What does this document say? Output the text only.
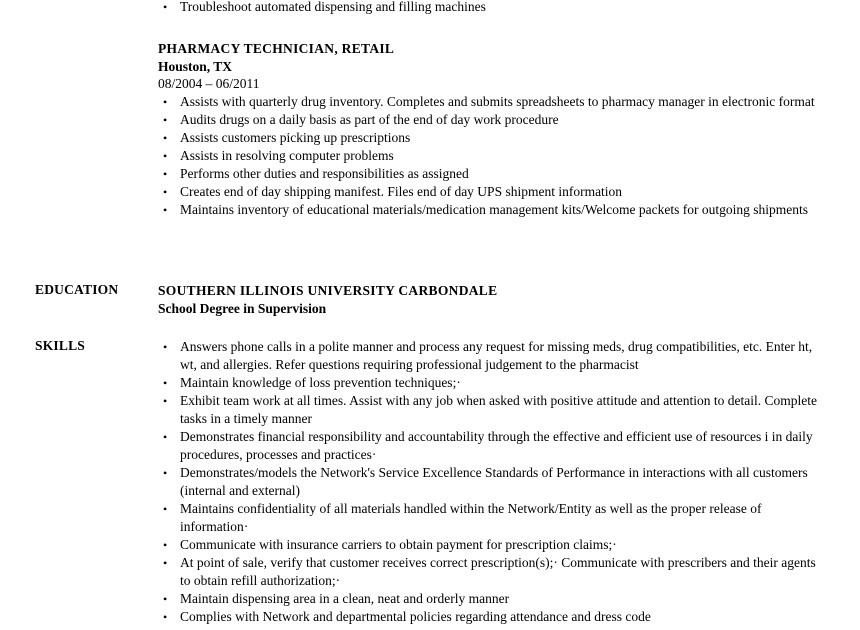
• Troubleshoot automated dispensing and filling machines
PHARMACY TECHNICIAN, RETAIL
Houston, TX
08/2004 – 06/2011
• Assists with quarterly drug inventory. Completes and submits spreadsheets to pharmacy manager in electronic format
• Audits drugs on a daily basis as part of the end of day work procedure
• Assists customers picking up prescriptions
• Assists in resolving computer problems
• Performs other duties and responsibilities as assigned
• Creates end of day shipping manifest. Files end of day UPS shipment information
• Maintains inventory of educational materials/medication management kits/Welcome packets for outgoing shipments
EDUCATION	SOUTHERN ILLINOIS UNIVERSITY CARBONDALE
School Degree in Supervision
SKILLS	• Answers phone calls in a polite manner and process any request for missing meds, drug compatibilities, etc. Enter ht, wt, and allergies. Refer questions requiring professional judgement to the pharmacist
• Maintain knowledge of loss prevention techniques;·
• Exhibit team work at all times. Assist with any job when asked with positive attitude and attention to detail. Complete tasks in a timely manner
• Demonstrates financial responsibility and accountability through the effective and efficient use of resources i in daily procedures, processes and practices·
• Demonstrates/models the Network's Service Excellence Standards of Performance in interactions with all customers (internal and external)
• Maintains confidentiality of all materials handled within the Network/Entity as well as the proper release of information·
• Communicate with insurance carriers to obtain payment for prescription claims;·
• At point of sale, verify that customer receives correct prescription(s);· Communicate with prescribers and their agents to obtain refill authorization;·
• Maintain dispensing area in a clean, neat and orderly manner
• Complies with Network and departmental policies regarding attendance and dress code
